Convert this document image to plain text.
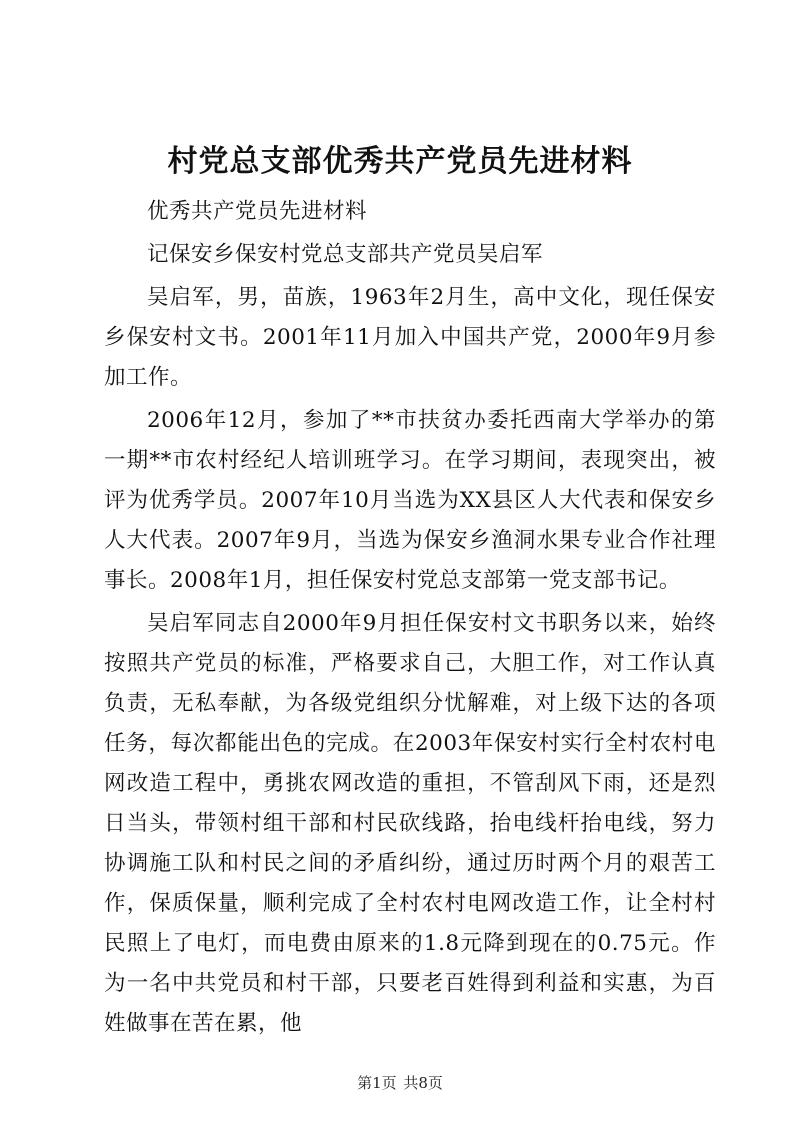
村党总支部优秀共产党员先进材料

优秀共产党员先进材料

记保安乡保安村党总支部共产党员吴启军

吴启军，男，苗族，1963年2月生，高中文化，现任保安乡保安村文书。2001年11月加入中国共产党，2000年9月参加工作。

2006年12月，参加了**市扶贫办委托西南大学举办的第一期**市农村经纪人培训班学习。在学习期间，表现突出，被评为优秀学员。2007年10月当选为XX县区人大代表和保安乡人大代表。2007年9月，当选为保安乡渔洞水果专业合作社理事长。2008年1月，担任保安村党总支部第一党支部书记。

吴启军同志自2000年9月担任保安村文书职务以来，始终按照共产党员的标准，严格要求自己，大胆工作，对工作认真负责，无私奉献，为各级党组织分忧解难，对上级下达的各项任务，每次都能出色的完成。在2003年保安村实行全村农村电网改造工程中，勇挑农网改造的重担，不管刮风下雨，还是烈日当头，带领村组干部和村民砍线路，抬电线杆抬电线，努力协调施工队和村民之间的矛盾纠纷，通过历时两个月的艰苦工作，保质保量，顺利完成了全村农村电网改造工作，让全村村民照上了电灯，而电费由原来的1.8元降到现在的0.75元。作为一名中共党员和村干部，只要老百姓得到利益和实惠，为百姓做事在苦在累，他

第1页 共8页
